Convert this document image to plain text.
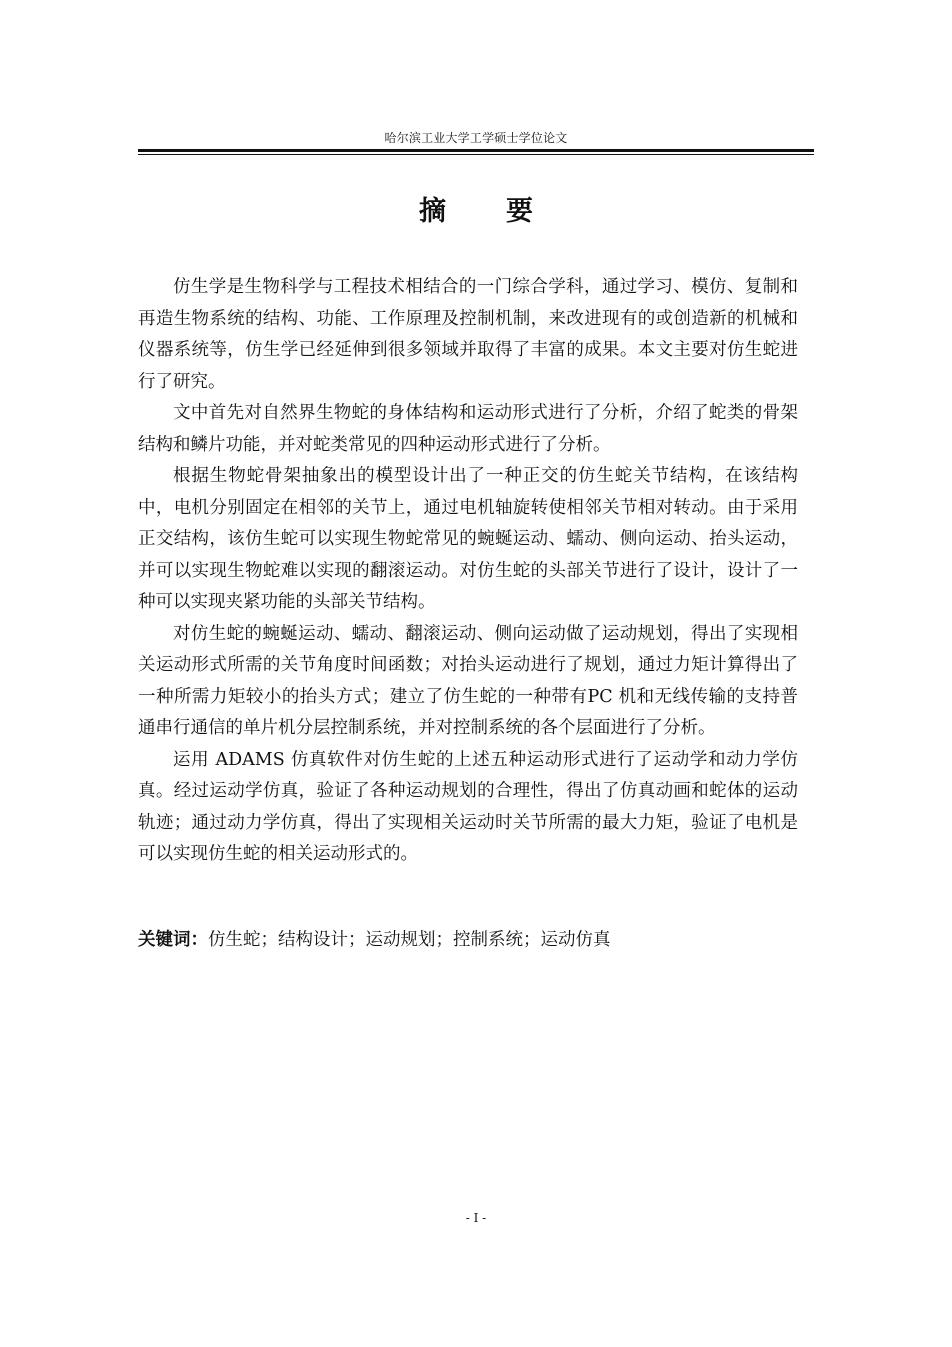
哈尔滨工业大学工学硕士学位论文
摘要

仿生学是生物科学与工程技术相结合的一门综合学科，通过学习、模仿、复制和再造生物系统的结构、功能、工作原理及控制机制，来改进现有的或创造新的机械和仪器系统等，仿生学已经延伸到很多领域并取得了丰富的成果。本文主要对仿生蛇进行了研究。

文中首先对自然界生物蛇的身体结构和运动形式进行了分析，介绍了蛇类的骨架结构和鳞片功能，并对蛇类常见的四种运动形式进行了分析。

根据生物蛇骨架抽象出的模型设计出了一种正交的仿生蛇关节结构，在该结构中，电机分别固定在相邻的关节上，通过电机轴旋转使相邻关节相对转动。由于采用正交结构，该仿生蛇可以实现生物蛇常见的蜿蜒运动、蠕动、侧向运动、抬头运动，并可以实现生物蛇难以实现的翻滚运动。对仿生蛇的头部关节进行了设计，设计了一种可以实现夹紧功能的头部关节结构。

对仿生蛇的蜿蜒运动、蠕动、翻滚运动、侧向运动做了运动规划，得出了实现相关运动形式所需的关节角度时间函数；对抬头运动进行了规划，通过力矩计算得出了一种所需力矩较小的抬头方式；建立了仿生蛇的一种带有PC 机和无线传输的支持普通串行通信的单片机分层控制系统，并对控制系统的各个层面进行了分析。

运用 ADAMS 仿真软件对仿生蛇的上述五种运动形式进行了运动学和动力学仿真。经过运动学仿真，验证了各种运动规划的合理性，得出了仿真动画和蛇体的运动轨迹；通过动力学仿真，得出了实现相关运动时关节所需的最大力矩，验证了电机是可以实现仿生蛇的相关运动形式的。

关键词：仿生蛇；结构设计；运动规划；控制系统；运动仿真
- I -
